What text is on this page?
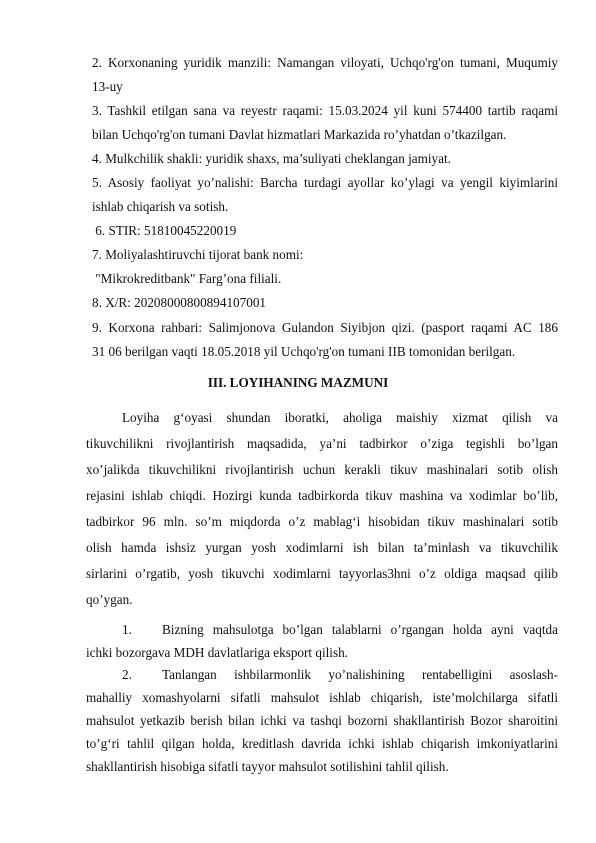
2. Korxonaning yuridik manzili: Namangan viloyati, Uchqo'rg'on tumani, Muqumiy
13-uy
3. Tashkil etilgan sana va reyestr raqami: 15.03.2024 yil kuni 574400 tartib raqami
bilan Uchqo'rg'on tumani Davlat hizmatlari Markazida ro’yhatdan o’tkazilgan.
4. Mulkchilik shakli: yuridik shaxs, ma’suliyati cheklangan jamiyat.
5. Asosiy faoliyat yo’nalishi: Barcha turdagi ayollar ko’ylagi va yengil kiyimlarini
ishlab chiqarish va sotish.
6. STIR: 51810045220019
7. Moliyalashtiruvchi tijorat bank nomi:
"Mikrokreditbank" Farg’ona filiali.
8. X/R: 20208000800894107001
9. Korxona rahbari: Salimjonova Gulandon Siyibjon qizi. (pasport raqami AC 186
31 06 berilgan vaqti 18.05.2018 yil Uchqo'rg'on tumani IIB tomonidan berilgan.
III. LOYIHANING MAZMUNI
Loyiha g‘oyasi shundan iboratki, aholiga maishiy xizmat qilish va
tikuvchilikni rivojlantirish maqsadida, ya’ni tadbirkor o’ziga tegishli bo’lgan
xo’jalikda tikuvchilikni rivojlantirish uchun kerakli tikuv mashinalari sotib olish
rejasini ishlab chiqdi. Hozirgi kunda tadbirkorda tikuv mashina va xodimlar bo’lib,
tadbirkor 96 mln. so’m miqdorda o’z mablag‘i hisobidan tikuv mashinalari sotib
olish hamda ishsiz yurgan yosh xodimlarni ish bilan ta’minlash va tikuvchilik
sirlarini o’rgatib, yosh tikuvchi xodimlarni tayyorlas3hni o’z oldiga maqsad qilib
qo’ygan.
1. Bizning mahsulotga bo’lgan talablarni o’rgangan holda ayni vaqtda
ichki bozorgava MDH davlatlariga eksport qilish.
2. Tanlangan ishbilarmonlik yo’nalishining rentabelligini asoslash-
mahalliy xomashyolarni sifatli mahsulot ishlab chiqarish, iste’molchilarga sifatli
mahsulot yetkazib berish bilan ichki va tashqi bozorni shakllantirish Bozor sharoitini
to’g‘ri tahlil qilgan holda, kreditlash davrida ichki ishlab chiqarish imkoniyatlarini
shakllantirish hisobiga sifatli tayyor mahsulot sotilishini tahlil qilish.
